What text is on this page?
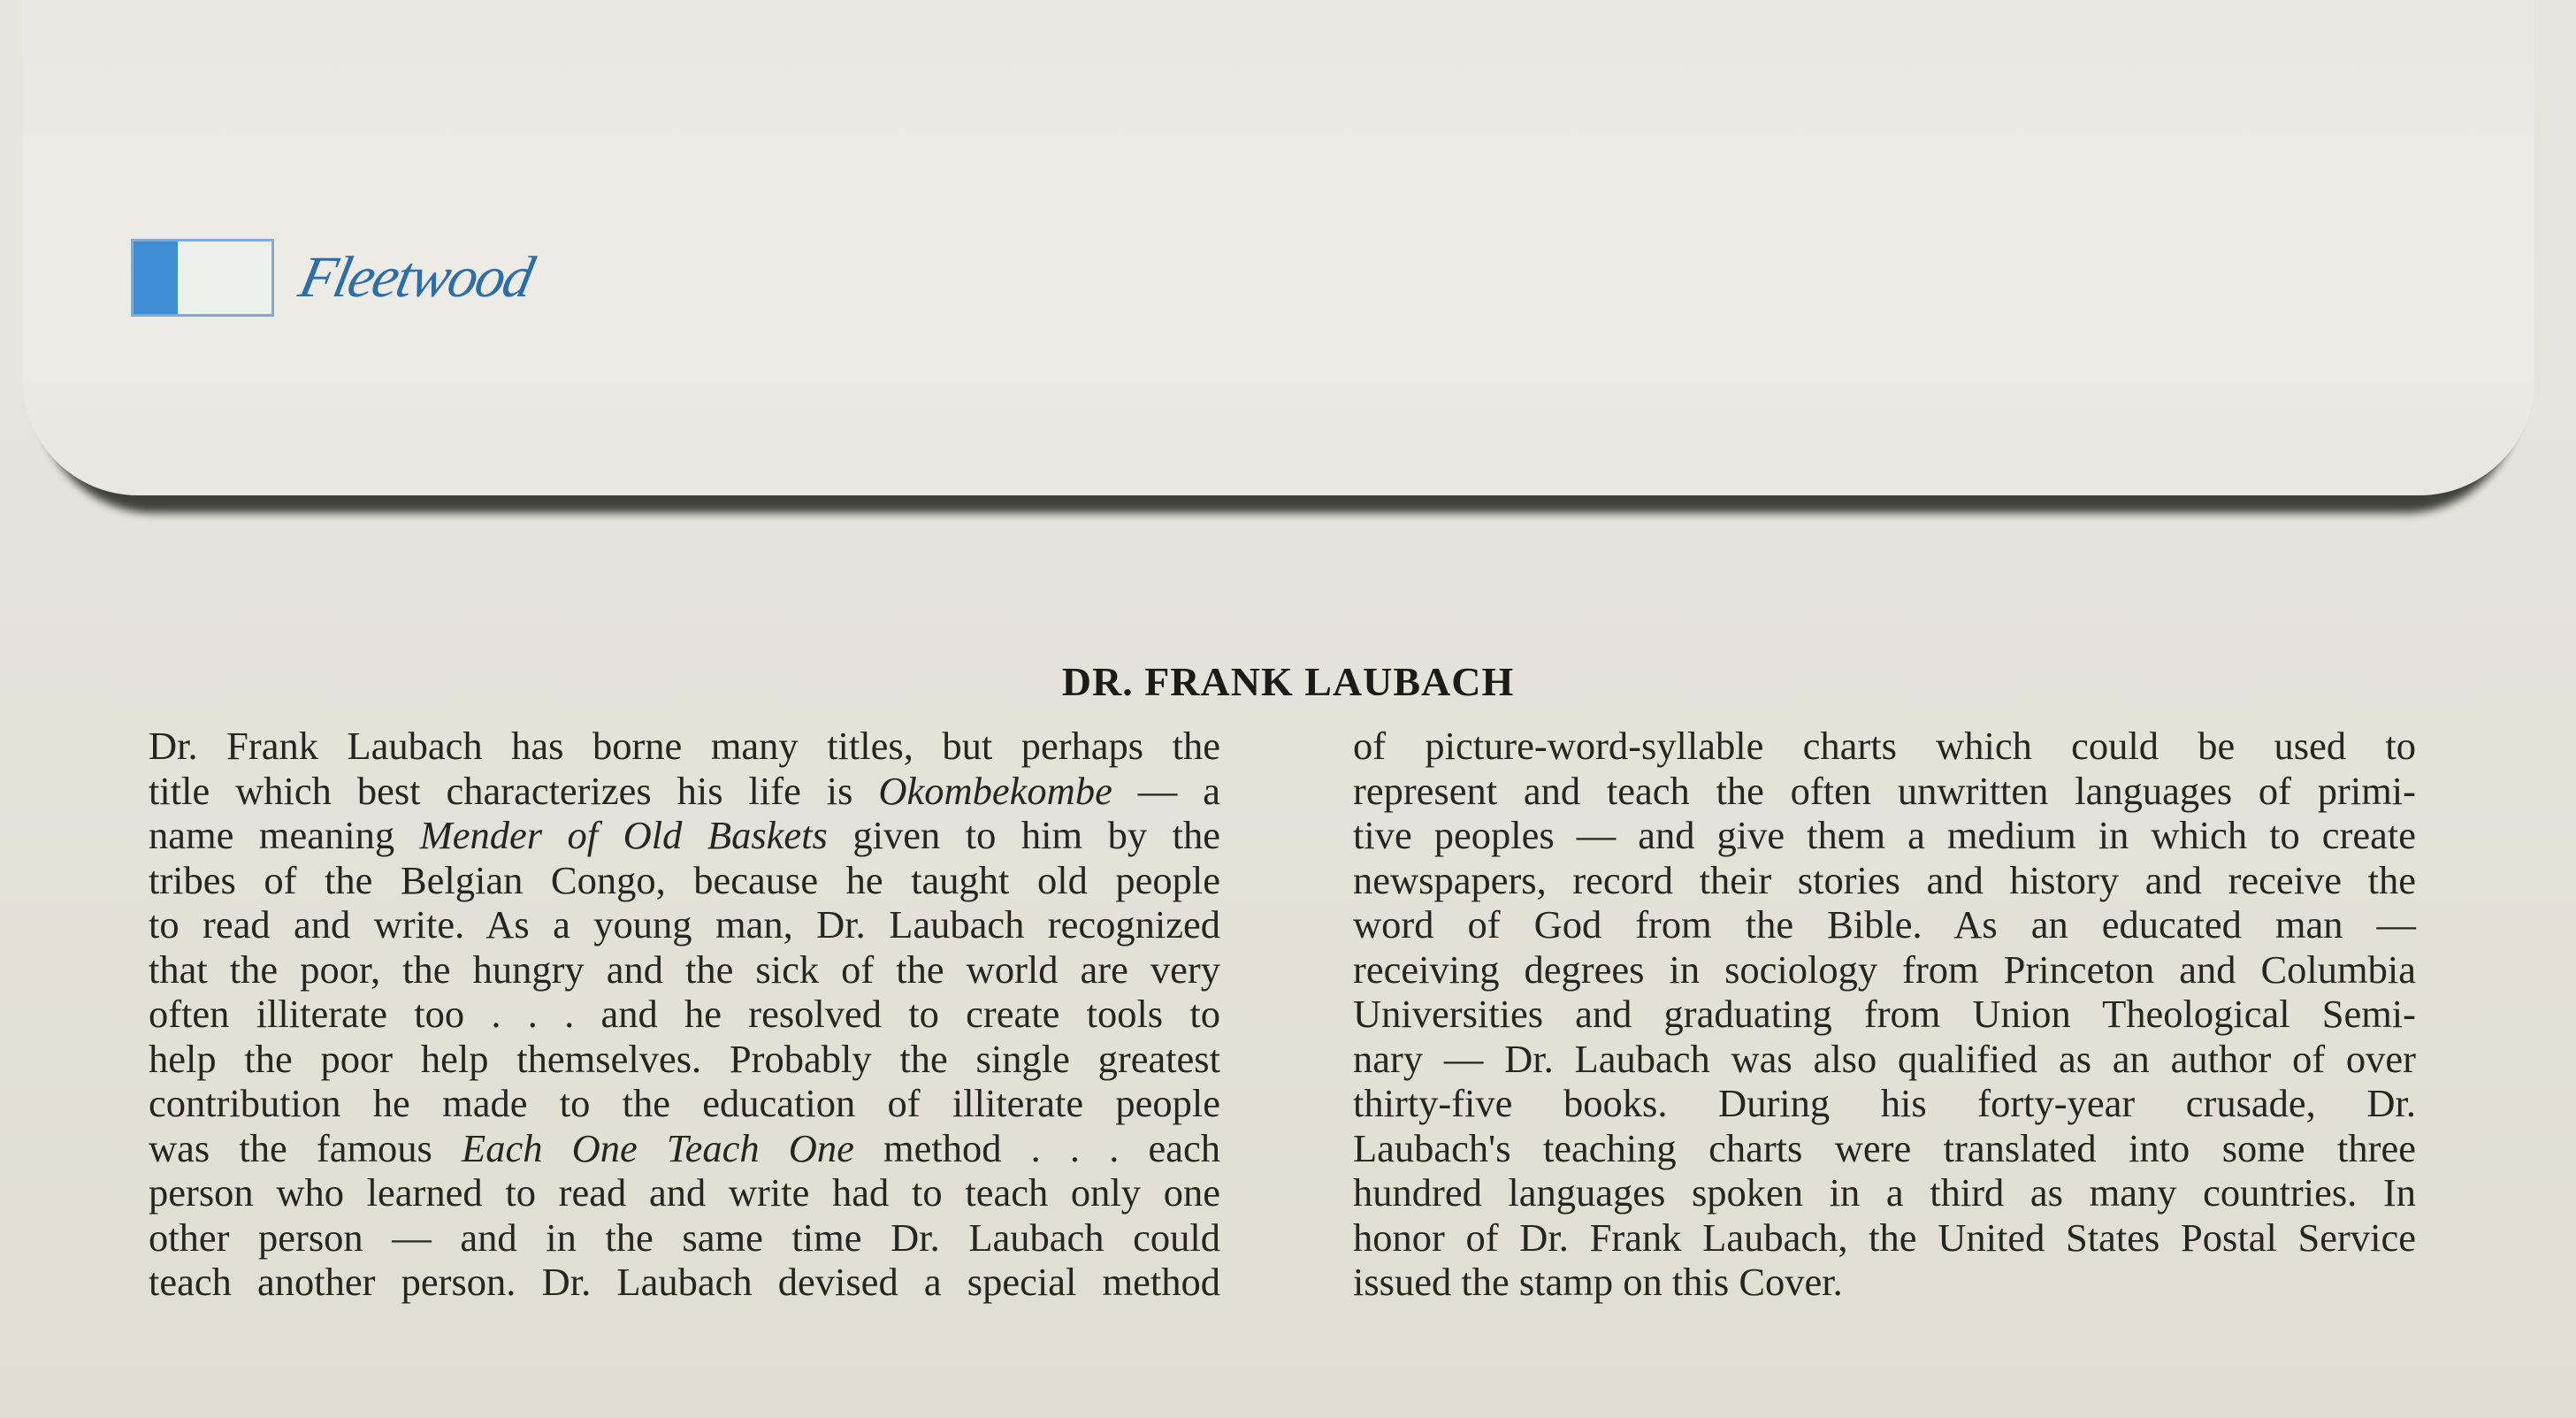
Fleetwood
DR. FRANK LAUBACH
Dr. Frank Laubach has borne many titles, but perhaps the
title which best characterizes his life is Okombekombe — a
name meaning Mender of Old Baskets given to him by the
tribes of the Belgian Congo, because he taught old people
to read and write. As a young man, Dr. Laubach recognized
that the poor, the hungry and the sick of the world are very
often illiterate too . . . and he resolved to create tools to
help the poor help themselves. Probably the single greatest
contribution he made to the education of illiterate people
was the famous Each One Teach One method . . . each
person who learned to read and write had to teach only one
other person — and in the same time Dr. Laubach could
teach another person. Dr. Laubach devised a special method
of picture-word-syllable charts which could be used to
represent and teach the often unwritten languages of primi-
tive peoples — and give them a medium in which to create
newspapers, record their stories and history and receive the
word of God from the Bible. As an educated man —
receiving degrees in sociology from Princeton and Columbia
Universities and graduating from Union Theological Semi-
nary — Dr. Laubach was also qualified as an author of over
thirty-five books. During his forty-year crusade, Dr.
Laubach's teaching charts were translated into some three
hundred languages spoken in a third as many countries. In
honor of Dr. Frank Laubach, the United States Postal Service
issued the stamp on this Cover.
